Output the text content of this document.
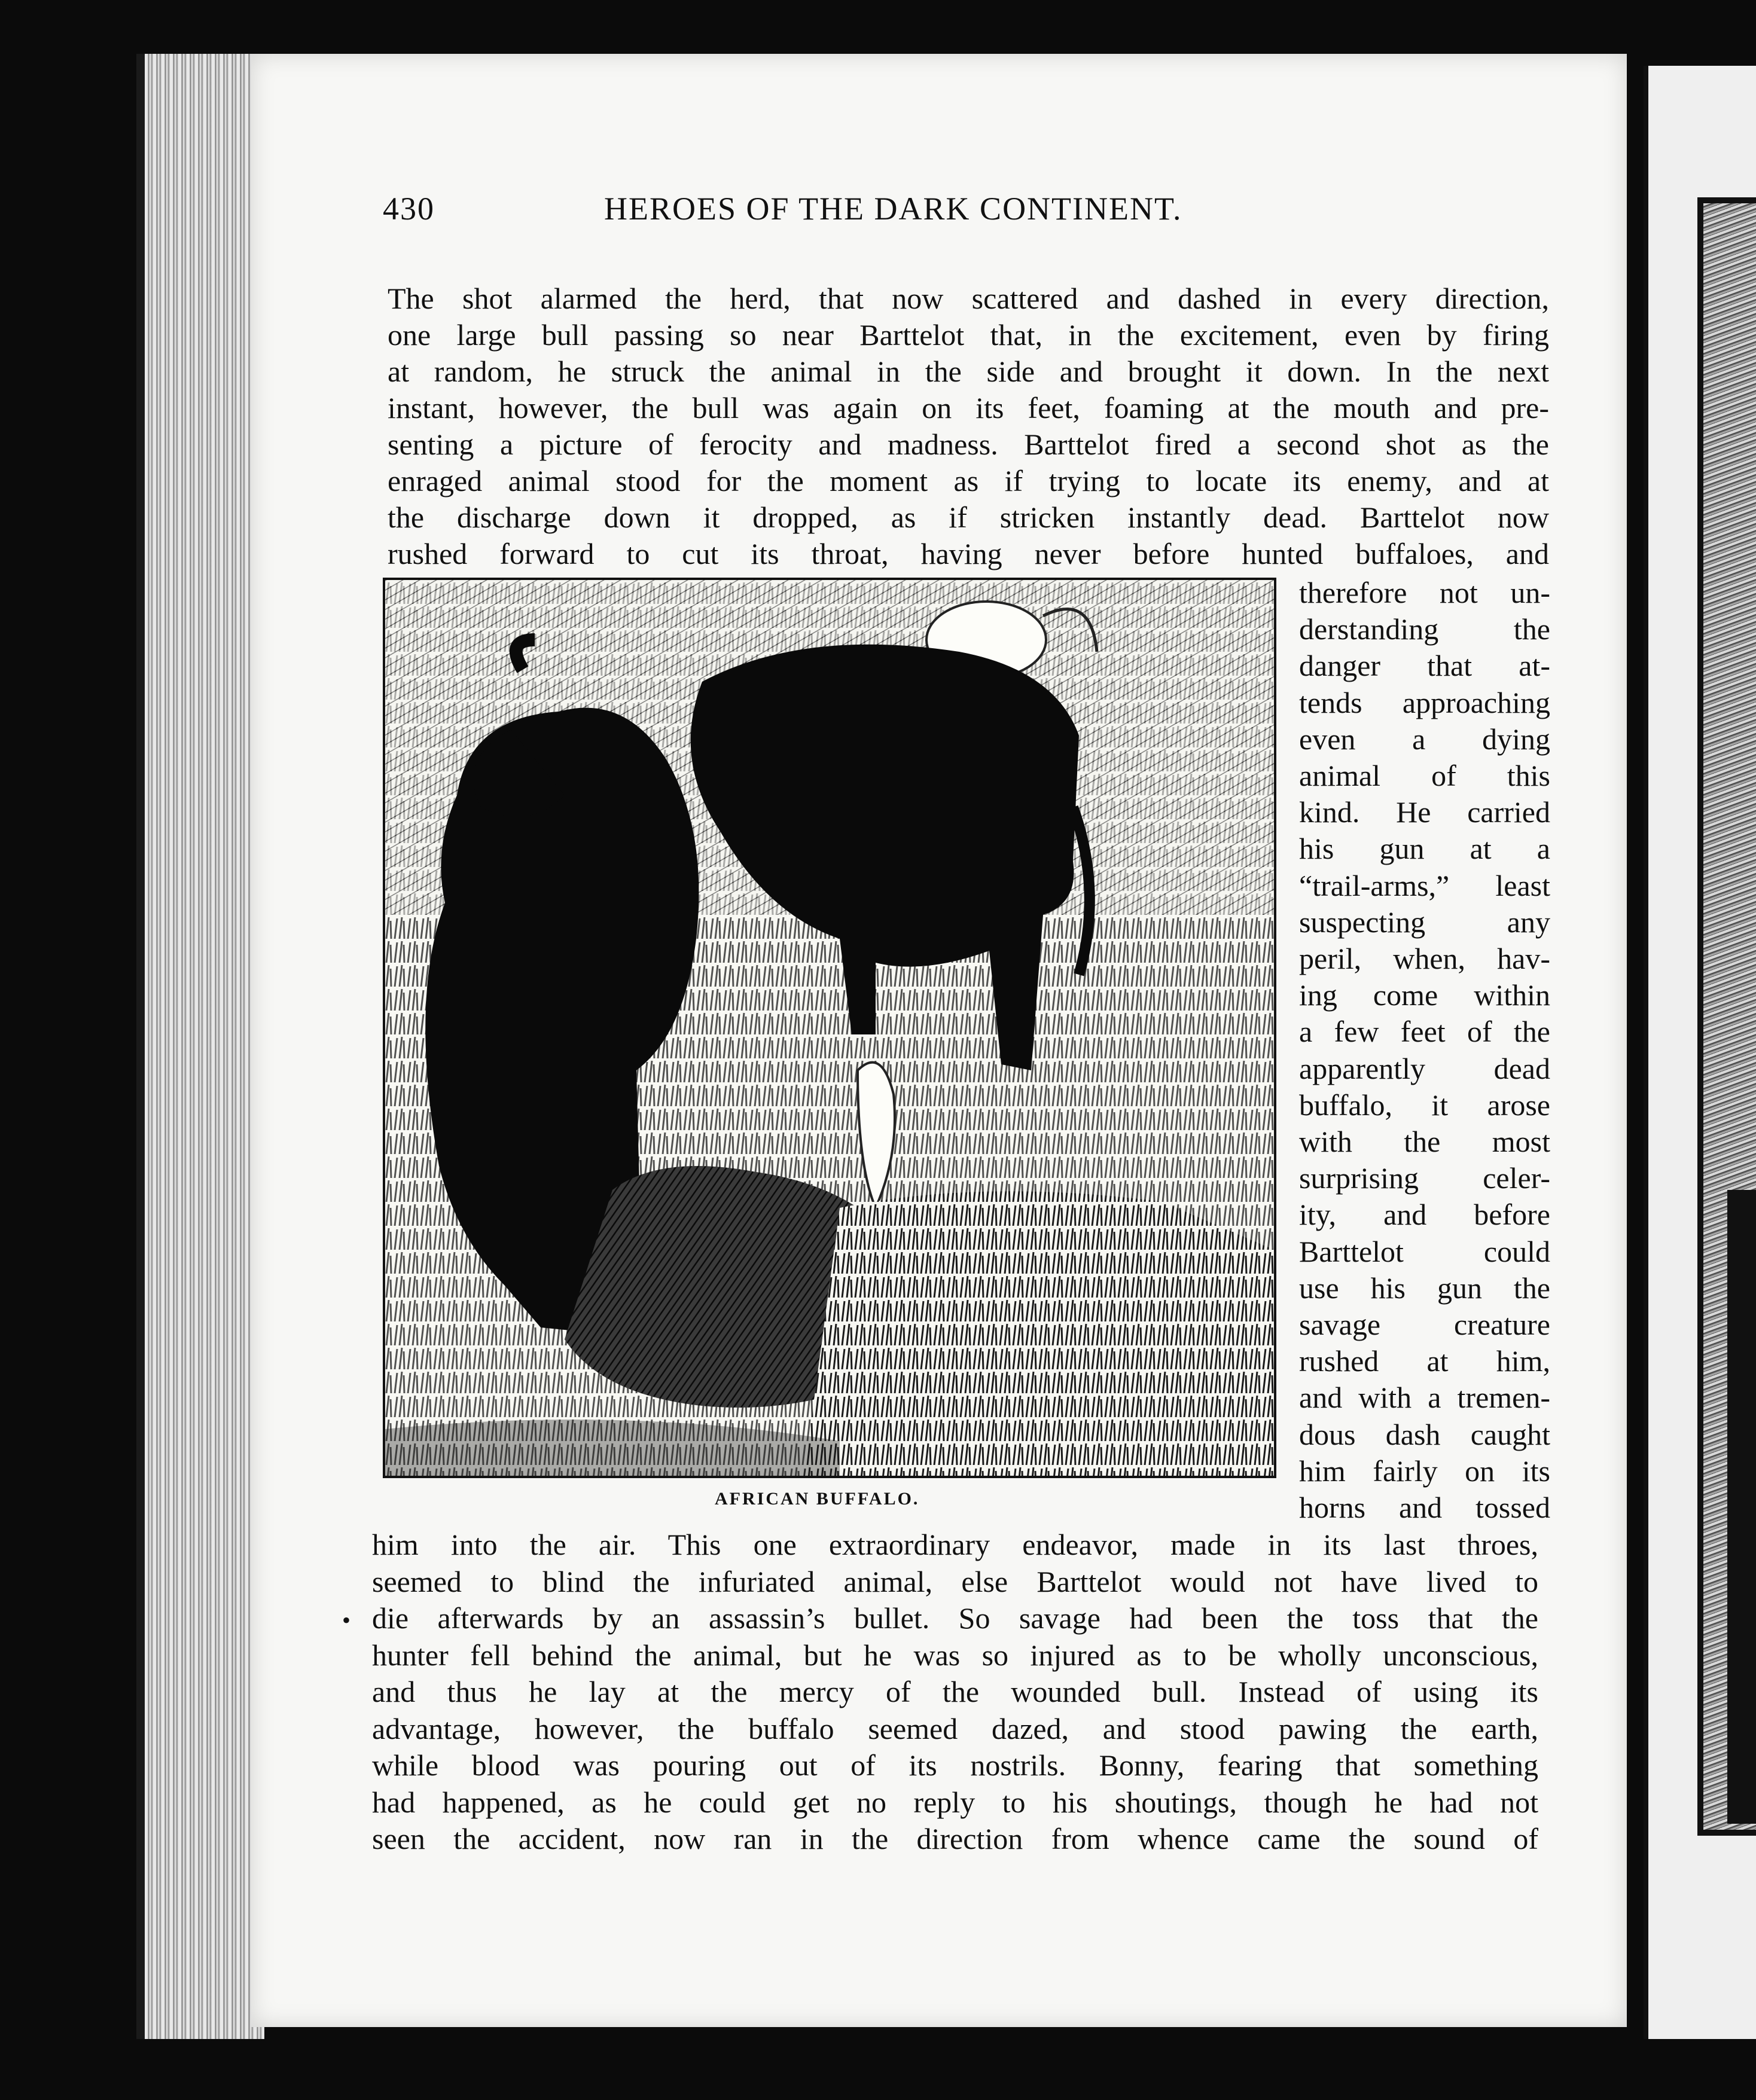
430	HEROES OF THE DARK CONTINENT.
The shot alarmed the herd, that now scattered and dashed in every direction,
one large bull passing so near Barttelot that, in the excitement, even by firing
at random, he struck the animal in the side and brought it down. In the next
instant, however, the bull was again on its feet, foaming at the mouth and pre-
senting a picture of ferocity and madness. Barttelot fired a second shot as the
enraged animal stood for the moment as if trying to locate its enemy, and at
the discharge down it dropped, as if stricken instantly dead. Barttelot now
rushed forward to cut its throat, having never before hunted buffaloes, and
AFRICAN BUFFALO.
therefore not un-
derstanding the
danger that at-
tends approaching
even a dying
animal of this
kind. He carried
his gun at a
“trail-arms,” least
suspecting any
peril, when, hav-
ing come within
a few feet of the
apparently dead
buffalo, it arose
with the most
surprising celer-
ity, and before
Barttelot could
use his gun the
savage creature
rushed at him,
and with a tremen-
dous dash caught
him fairly on its
horns and tossed
him into the air. This one extraordinary endeavor, made in its last throes,
seemed to blind the infuriated animal, else Barttelot would not have lived to
die afterwards by an assassin’s bullet. So savage had been the toss that the
hunter fell behind the animal, but he was so injured as to be wholly unconscious,
and thus he lay at the mercy of the wounded bull. Instead of using its
advantage, however, the buffalo seemed dazed, and stood pawing the earth,
while blood was pouring out of its nostrils. Bonny, fearing that something
had happened, as he could get no reply to his shoutings, though he had not
seen the accident, now ran in the direction from whence came the sound of
•
